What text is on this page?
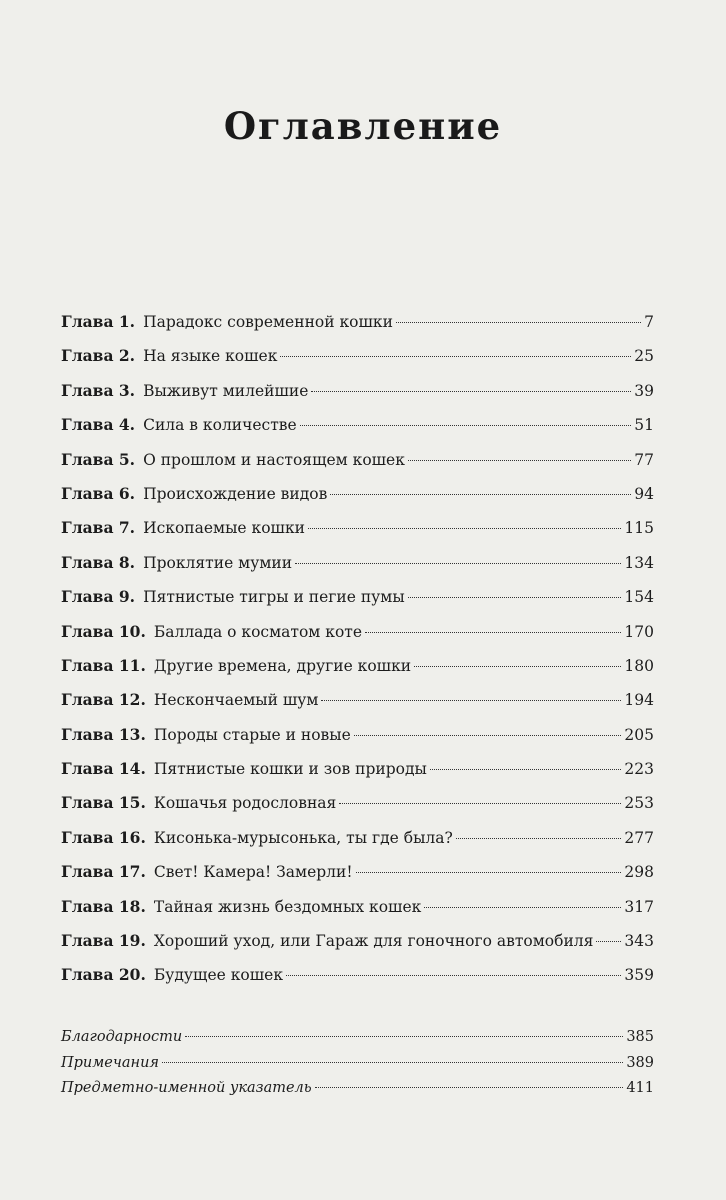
Оглавление
Глава 1. Парадокс современной кошки	7
Глава 2. На языке кошек	25
Глава 3. Выживут милейшие	39
Глава 4. Сила в количестве	51
Глава 5. О прошлом и настоящем кошек	77
Глава 6. Происхождение видов	94
Глава 7. Ископаемые кошки	115
Глава 8. Проклятие мумии	134
Глава 9. Пятнистые тигры и пегие пумы	154
Глава 10. Баллада о косматом коте	170
Глава 11. Другие времена, другие кошки	180
Глава 12. Нескончаемый шум	194
Глава 13. Породы старые и новые	205
Глава 14. Пятнистые кошки и зов природы	223
Глава 15. Кошачья родословная	253
Глава 16. Кисонька-мурысонька, ты где была?	277
Глава 17. Свет! Камера! Замерли!	298
Глава 18. Тайная жизнь бездомных кошек	317
Глава 19. Хороший уход, или Гараж для гоночного автомобиля 343
Глава 20. Будущее кошек	359
Благодарности	385
Примечания	389
Предметно-именной указатель	411
